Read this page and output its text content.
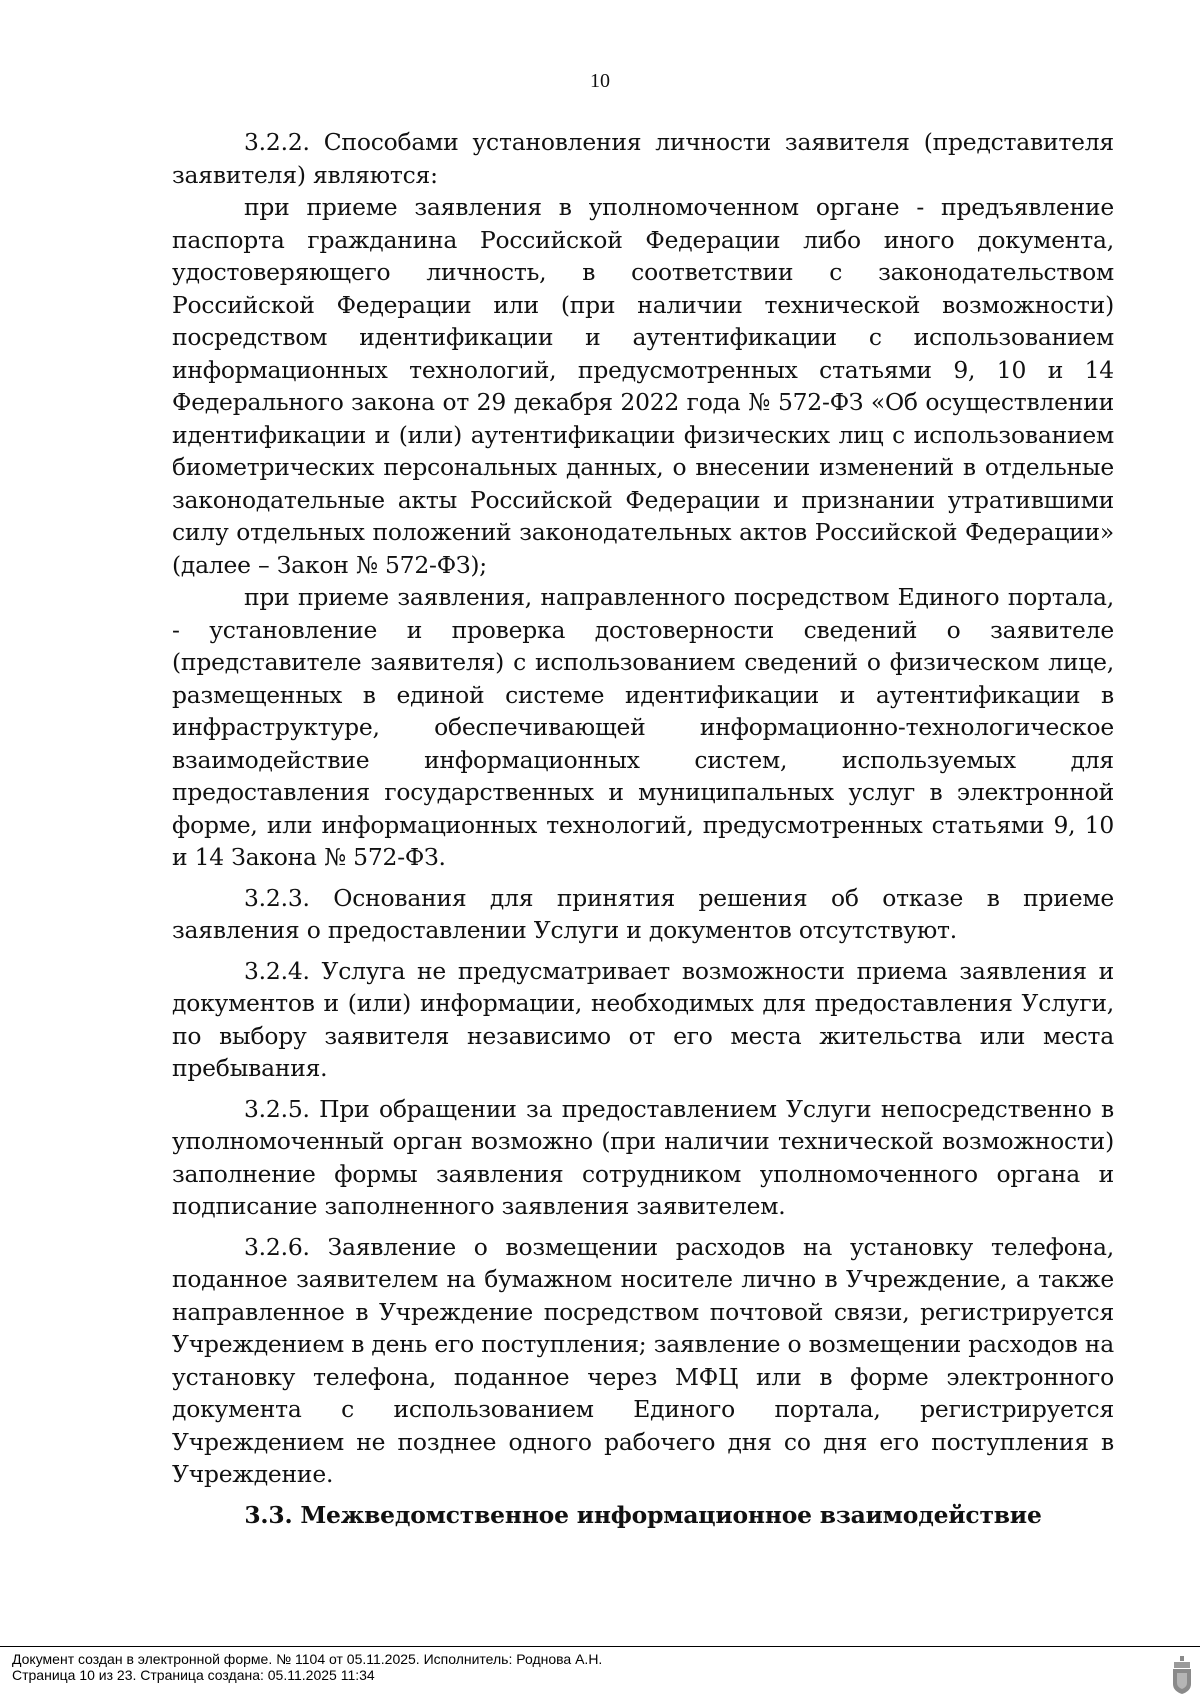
10

3.2.2. Способами установления личности заявителя (представителя заявителя) являются:

при приеме заявления в уполномоченном органе - предъявление паспорта гражданина Российской Федерации либо иного документа, удостоверяющего личность, в соответствии с законодательством Российской Федерации или (при наличии технической возможности) посредством идентификации и аутентификации с использованием информационных технологий, предусмотренных статьями 9, 10 и 14 Федерального закона от 29 декабря 2022 года № 572-ФЗ «Об осуществлении идентификации и (или) аутентификации физических лиц с использованием биометрических персональных данных, о внесении изменений в отдельные законодательные акты Российской Федерации и признании утратившими силу отдельных положений законодательных актов Российской Федерации» (далее – Закон № 572-ФЗ);

при приеме заявления, направленного посредством Единого портала, - установление и проверка достоверности сведений о заявителе (представителе заявителя) с использованием сведений о физическом лице, размещенных в единой системе идентификации и аутентификации в инфраструктуре, обеспечивающей информационно-технологическое взаимодействие информационных систем, используемых для предоставления государственных и муниципальных услуг в электронной форме, или информационных технологий, предусмотренных статьями 9, 10 и 14 Закона № 572-ФЗ.

3.2.3. Основания для принятия решения об отказе в приеме заявления о предоставлении Услуги и документов отсутствуют.

3.2.4. Услуга не предусматривает возможности приема заявления и документов и (или) информации, необходимых для предоставления Услуги, по выбору заявителя независимо от его места жительства или места пребывания.

3.2.5. При обращении за предоставлением Услуги непосредственно в уполномоченный орган возможно (при наличии технической возможности) заполнение формы заявления сотрудником уполномоченного органа и подписание заполненного заявления заявителем.

3.2.6. Заявление о возмещении расходов на установку телефона, поданное заявителем на бумажном носителе лично в Учреждение, а также направленное в Учреждение посредством почтовой связи, регистрируется Учреждением в день его поступления; заявление о возмещении расходов на установку телефона, поданное через МФЦ или в форме электронного документа с использованием Единого портала, регистрируется Учреждением не позднее одного рабочего дня со дня его поступления в Учреждение.

3.3. Межведомственное информационное взаимодействие
Документ создан в электронной форме. № 1104 от 05.11.2025. Исполнитель: Роднова А.Н.
Страница 10 из 23. Страница создана: 05.11.2025 11:34
